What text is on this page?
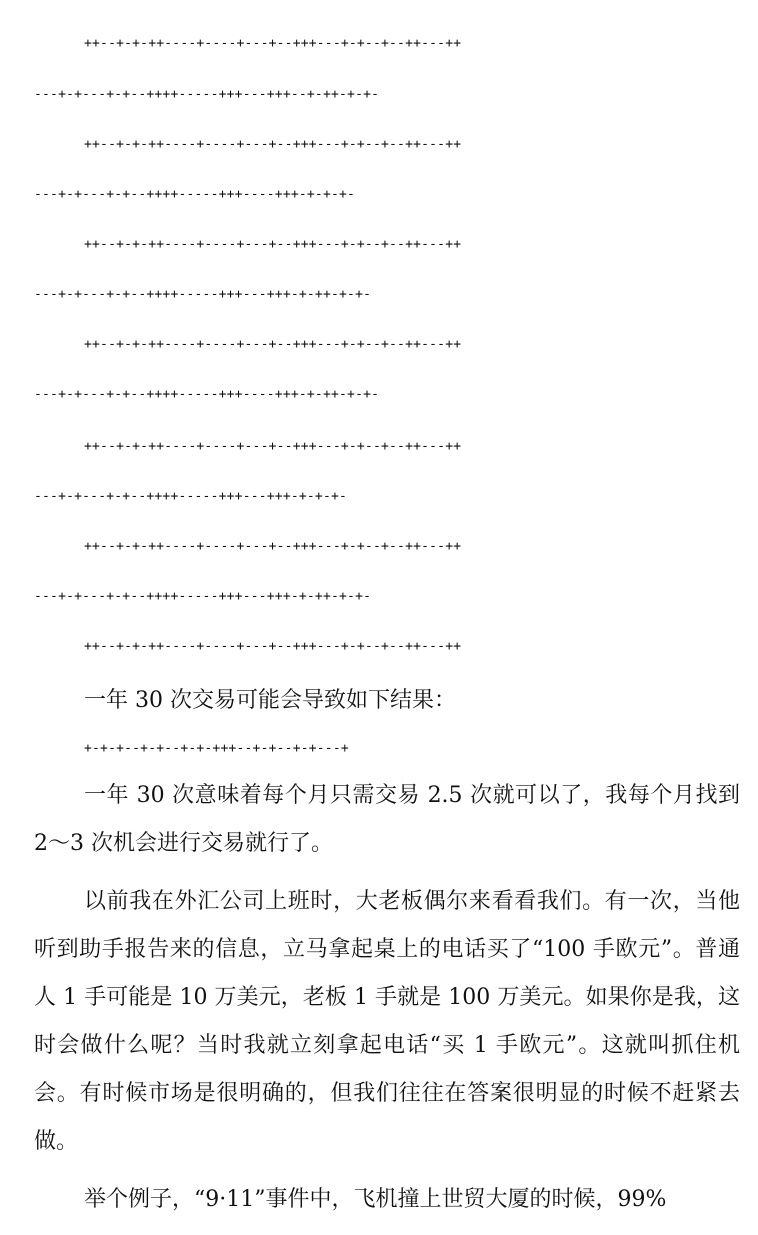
++--+-+-++----+----+---+--+++---+-+--+--++---++
---+-+---+-+--++++-----+++---+++--+-++-+-+-
++--+-+-++----+----+---+--+++---+-+--+--++---++
---+-+---+-+--++++-----+++----+++-+-+-+-
++--+-+-++----+----+---+--+++---+-+--+--++---++
---+-+---+-+--++++-----+++---+++-+-++-+-+-
++--+-+-++----+----+---+--+++---+-+--+--++---++
---+-+---+-+--++++-----+++----+++-+-++-+-+-
++--+-+-++----+----+---+--+++---+-+--+--++---++
---+-+---+-+--++++-----+++---+++-+-+-+-
++--+-+-++----+----+---+--+++---+-+--+--++---++
---+-+---+-+--++++-----+++---+++-+-++-+-+-
++--+-+-++----+----+---+--+++---+-+--+--++---++

一年 30 次交易可能会导致如下结果：

+-+-+--+-+--+-+-+++--+-+--+-+---+

一年 30 次意味着每个月只需交易 2.5 次就可以了，我每个月找到 2～3 次机会进行交易就行了。

以前我在外汇公司上班时，大老板偶尔来看看我们。有一次，当他听到助手报告来的信息，立马拿起桌上的电话买了“100 手欧元”。普通人 1 手可能是 10 万美元，老板 1 手就是 100 万美元。如果你是我，这时会做什么呢？当时我就立刻拿起电话“买 1 手欧元”。这就叫抓住机会。有时候市场是很明确的，但我们往往在答案很明显的时候不赶紧去做。

举个例子，“9·11”事件中，飞机撞上世贸大厦的时候，99%
